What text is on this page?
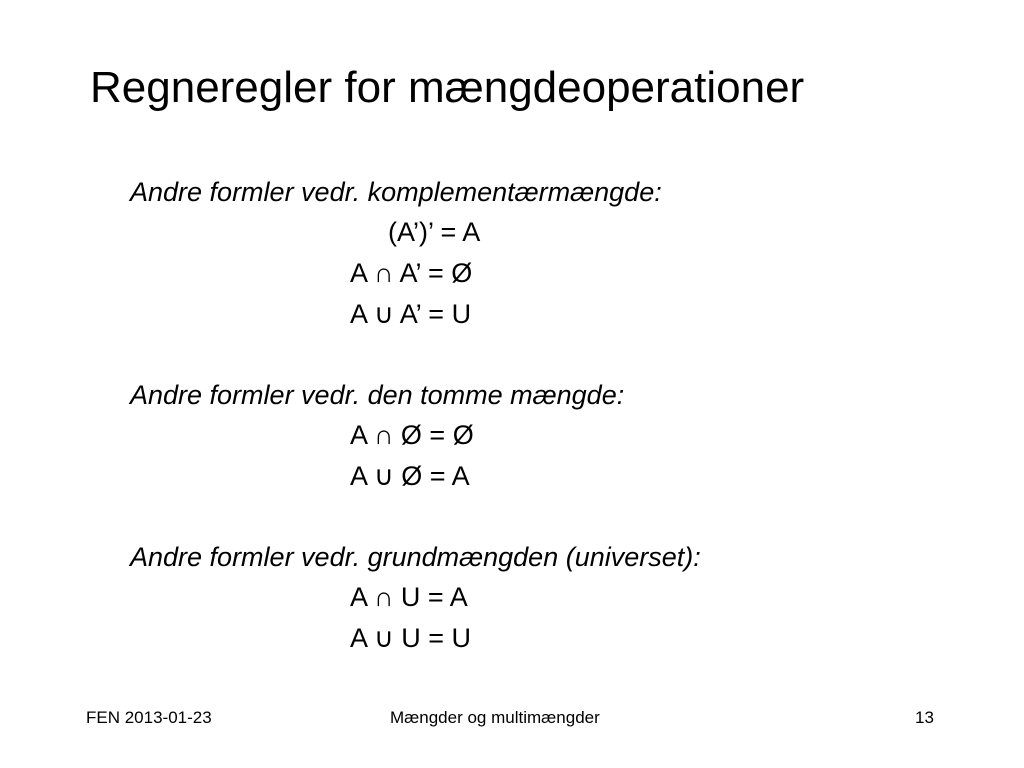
Regneregler for mængdeoperationer
Andre formler vedr. komplementærmængde:
(A’)’ = A
A ∩ A’ = Ø
A ∪ A’ = U
Andre formler vedr. den tomme mængde:
A ∩ Ø = Ø
A ∪ Ø = A
Andre formler vedr. grundmængden (universet):
A ∩ U = A
A ∪ U = U
FEN 2013-01-23	Mængder og multimængder	13
